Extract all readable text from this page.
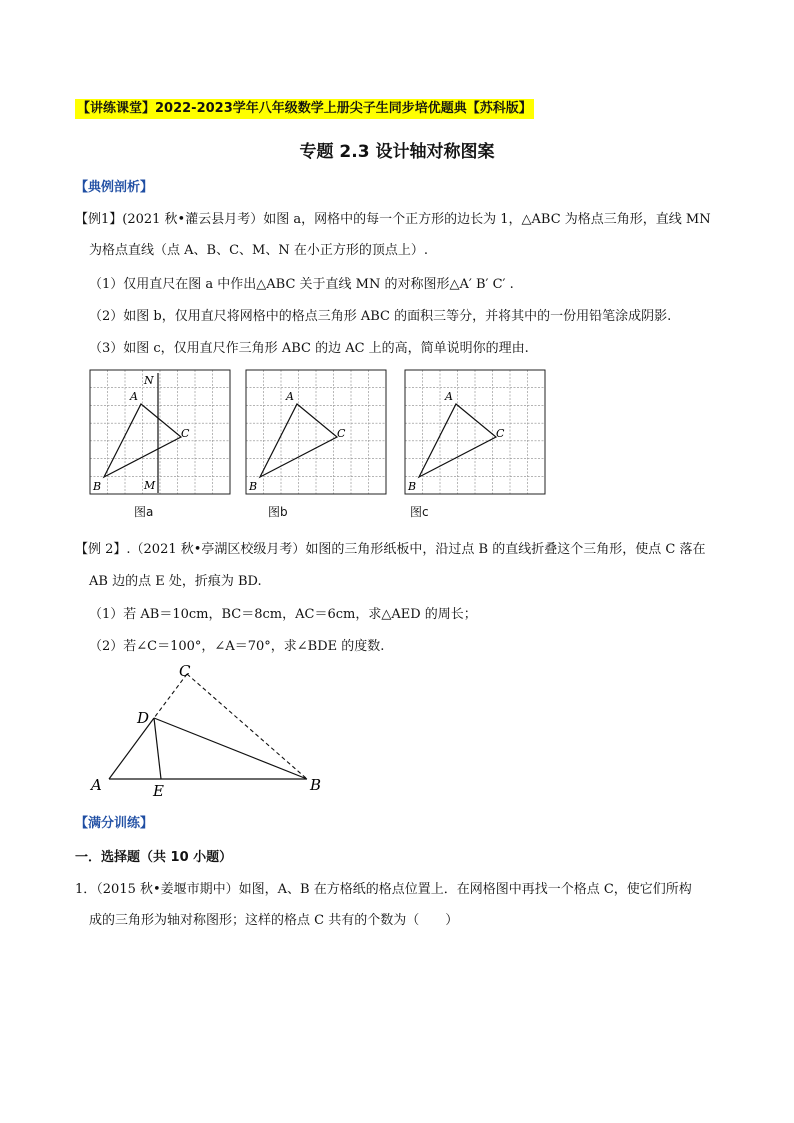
【讲练课堂】2022-2023学年八年级数学上册尖子生同步培优题典【苏科版】
专题 2.3 设计轴对称图案
【典例剖析】
【例1】(2021 秋•灌云县月考）如图 a，网格中的每一个正方形的边长为 1，△ABC 为格点三角形，直线 MN
为格点直线（点 A、B、C、M、N 在小正方形的顶点上）.
（1）仅用直尺在图 a 中作出△ABC 关于直线 MN 的对称图形△A′ B′ C′ .
（2）如图 b，仅用直尺将网格中的格点三角形 ABC 的面积三等分，并将其中的一份用铅笔涂成阴影.
（3）如图 c，仅用直尺作三角形 ABC 的边 AC 上的高，简单说明你的理由.
A
B
C
M
N
图a
A
B
C
图b
A
B
C
图c
【例 2】.（2021 秋•亭湖区校级月考）如图的三角形纸板中，沿过点 B 的直线折叠这个三角形，使点 C 落在
AB 边的点 E 处，折痕为 BD.
（1）若 AB＝10cm，BC＝8cm，AC＝6cm，求△AED 的周长；
（2）若∠C＝100°，∠A＝70°，求∠BDE 的度数.
C
D
A	E	B
【满分训练】
一．选择题（共 10 小题）
1．（2015 秋•姜堰市期中）如图，A、B 在方格纸的格点位置上．在网格图中再找一个格点 C，使它们所构
成的三角形为轴对称图形；这样的格点 C 共有的个数为（　　）
